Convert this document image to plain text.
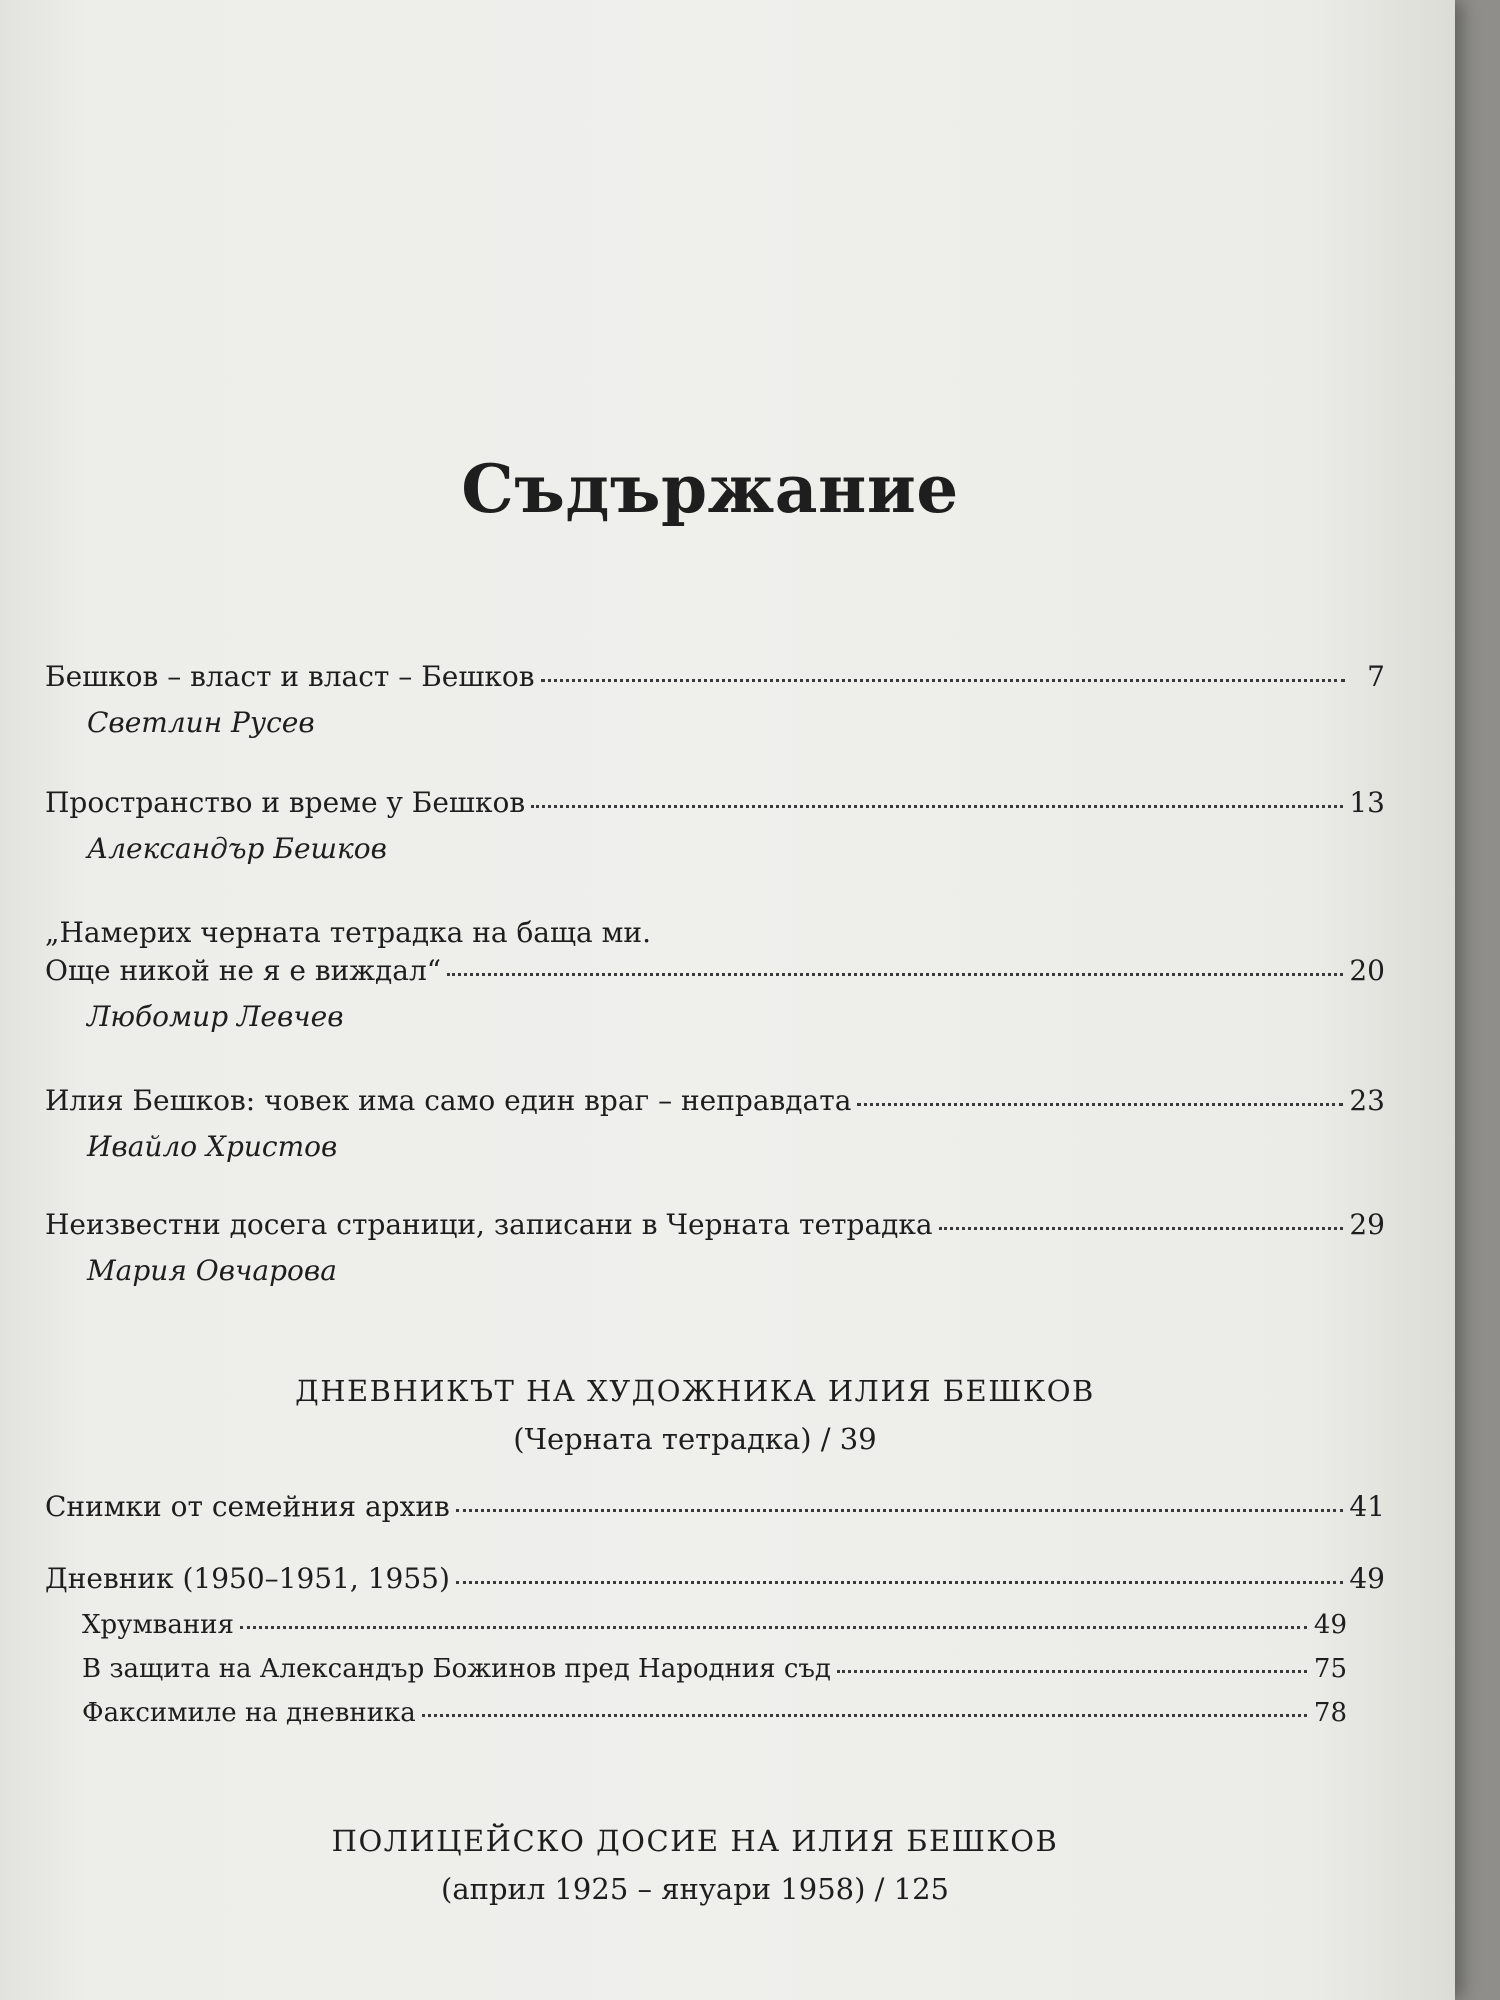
Съдържание
Бешков – власт и власт – Бешков	7
Светлин Русев
Пространство и време у Бешков	13
Александър Бешков
„Намерих черната тетрадка на баща ми.
Още никой не я е виждал“	20
Любомир Левчев
Илия Бешков: човек има само един враг – неправдата	23
Ивайло Христов
Неизвестни досега страници, записани в Черната тетрадка	29
Мария Овчарова
ДНЕВНИКЪТ НА ХУДОЖНИКА ИЛИЯ БЕШКОВ
(Черната тетрадка) / 39
Снимки от семейния архив	41
Дневник (1950–1951, 1955)	49
Хрумвания	49
В защита на Александър Божинов пред Народния съд	75
Факсимиле на дневника	78
ПОЛИЦЕЙСКО ДОСИЕ НА ИЛИЯ БЕШКОВ
(април 1925 – януари 1958) / 125
